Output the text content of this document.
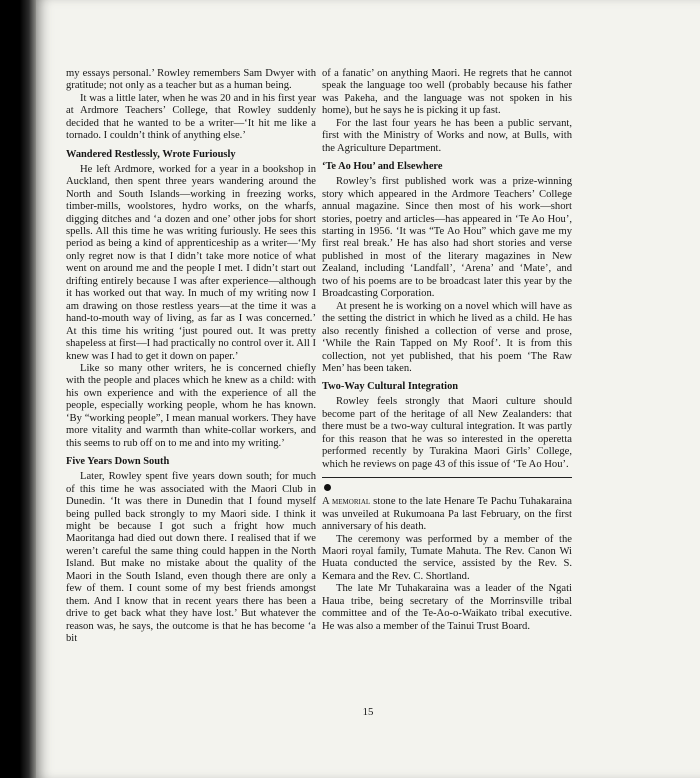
my essays personal.’ Rowley remembers Sam Dwyer with gratitude; not only as a teacher but as a human being.

It was a little later, when he was 20 and in his first year at Ardmore Teachers’ College, that Rowley suddenly decided that he wanted to be a writer—‘It hit me like a tornado. I couldn’t think of anything else.’

Wandered Restlessly, Wrote Furiously

He left Ardmore, worked for a year in a bookshop in Auckland, then spent three years wandering around the North and South Islands—working in freezing works, timber-mills, woolstores, hydro works, on the wharfs, digging ditches and ‘a dozen and one’ other jobs for short spells. All this time he was writing furiously. He sees this period as being a kind of apprenticeship as a writer—‘My only regret now is that I didn’t take more notice of what went on around me and the people I met. I didn’t start out drifting entirely because I was after experience—although it has worked out that way. In much of my writing now I am drawing on those restless years—at the time it was a hand-to-mouth way of living, as far as I was concerned.’ At this time his writing ‘just poured out. It was pretty shapeless at first—I had practically no control over it. All I knew was I had to get it down on paper.’

Like so many other writers, he is concerned chiefly with the people and places which he knew as a child: with his own experience and with the experience of all the people, especially working people, whom he has known. ‘By “working people”, I mean manual workers. They have more vitality and warmth than white-collar workers, and this seems to rub off on to me and into my writing.’

Five Years Down South

Later, Rowley spent five years down south; for much of this time he was associated with the Maori Club in Dunedin. ‘It was there in Dunedin that I found myself being pulled back strongly to my Maori side. I think it might be because I got such a fright how much Maoritanga had died out down there. I realised that if we weren’t careful the same thing could happen in the North Island. But make no mistake about the quality of the Maori in the South Island, even though there are only a few of them. I count some of my best friends amongst them. And I know that in recent years there has been a drive to get back what they have lost.’ But whatever the reason was, he says, the outcome is that he has become ‘a bit

of a fanatic’ on anything Maori. He regrets that he cannot speak the language too well (probably because his father was Pakeha, and the language was not spoken in his home), but he says he is picking it up fast.

For the last four years he has been a public servant, first with the Ministry of Works and now, at Bulls, with the Agriculture Department.

‘Te Ao Hou’ and Elsewhere

Rowley’s first published work was a prize-winning story which appeared in the Ardmore Teachers’ College annual magazine. Since then most of his work—short stories, poetry and articles—has appeared in ‘Te Ao Hou’, starting in 1956. ‘It was “Te Ao Hou” which gave me my first real break.’ He has also had short stories and verse published in most of the literary magazines in New Zealand, including ‘Landfall’, ‘Arena’ and ‘Mate’, and two of his poems are to be broadcast later this year by the Broadcasting Corporation.

At present he is working on a novel which will have as the setting the district in which he lived as a child. He has also recently finished a collection of verse and prose, ‘While the Rain Tapped on My Roof’. It is from this collection, not yet published, that his poem ‘The Raw Men’ has been taken.

Two-Way Cultural Integration

Rowley feels strongly that Maori culture should become part of the heritage of all New Zealanders: that there must be a two-way cultural integration. It was partly for this reason that he was so interested in the operetta performed recently by Turakina Maori Girls’ College, which he reviews on page 43 of this issue of ‘Te Ao Hou’.

A memorial stone to the late Henare Te Pachu Tuhakaraina was unveiled at Rukumoana Pa last February, on the first anniversary of his death.

The ceremony was performed by a member of the Maori royal family, Tumate Mahuta. The Rev. Canon Wi Huata conducted the service, assisted by the Rev. S. Kemara and the Rev. C. Shortland.

The late Mr Tuhakaraina was a leader of the Ngati Haua tribe, being secretary of the Morrinsville tribal committee and of the Te-Ao-o-Waikato tribal executive. He was also a member of the Tainui Trust Board.

15
